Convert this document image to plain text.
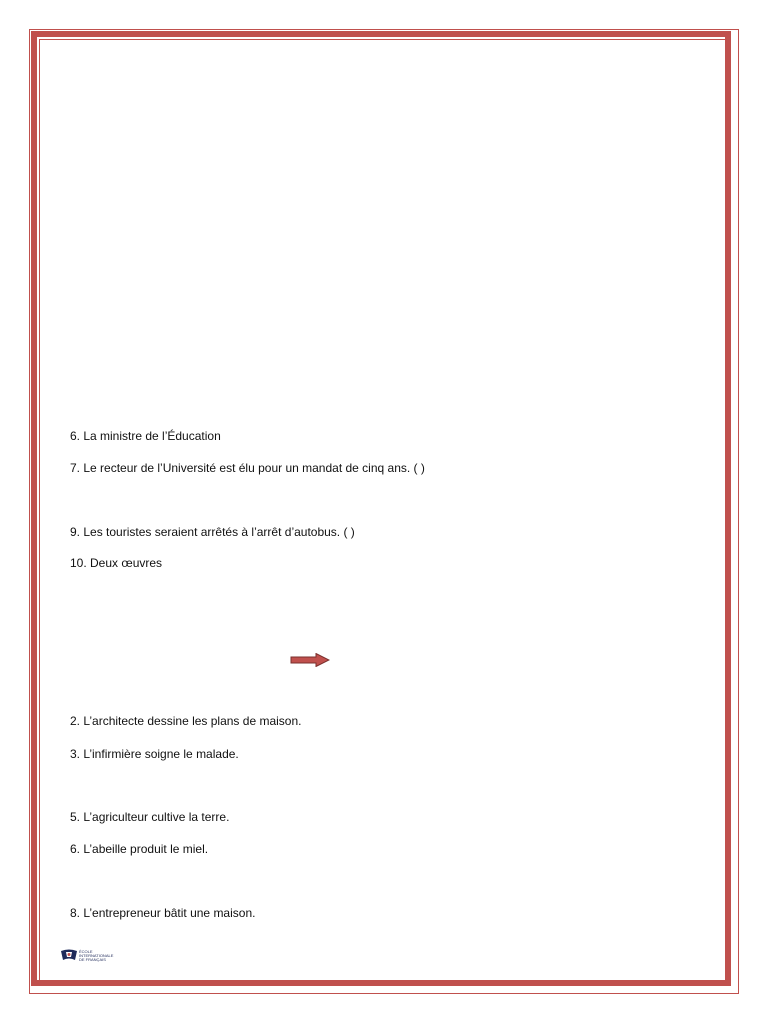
6. La ministre de l’Éducation
7. Le recteur de l’Université est élu pour un mandat de cinq ans. ( )
9. Les touristes seraient arrêtés à l’arrêt d’autobus. ( )
10. Deux œuvres
2. L’architecte dessine les plans de maison.
3. L’infirmière soigne le malade.
5. L’agriculteur cultive la terre.
6. L’abeille produit le miel.
8. L’entrepreneur bâtit une maison.
ÉCOLE
INTERNATIONALE
DE FRANÇAIS
